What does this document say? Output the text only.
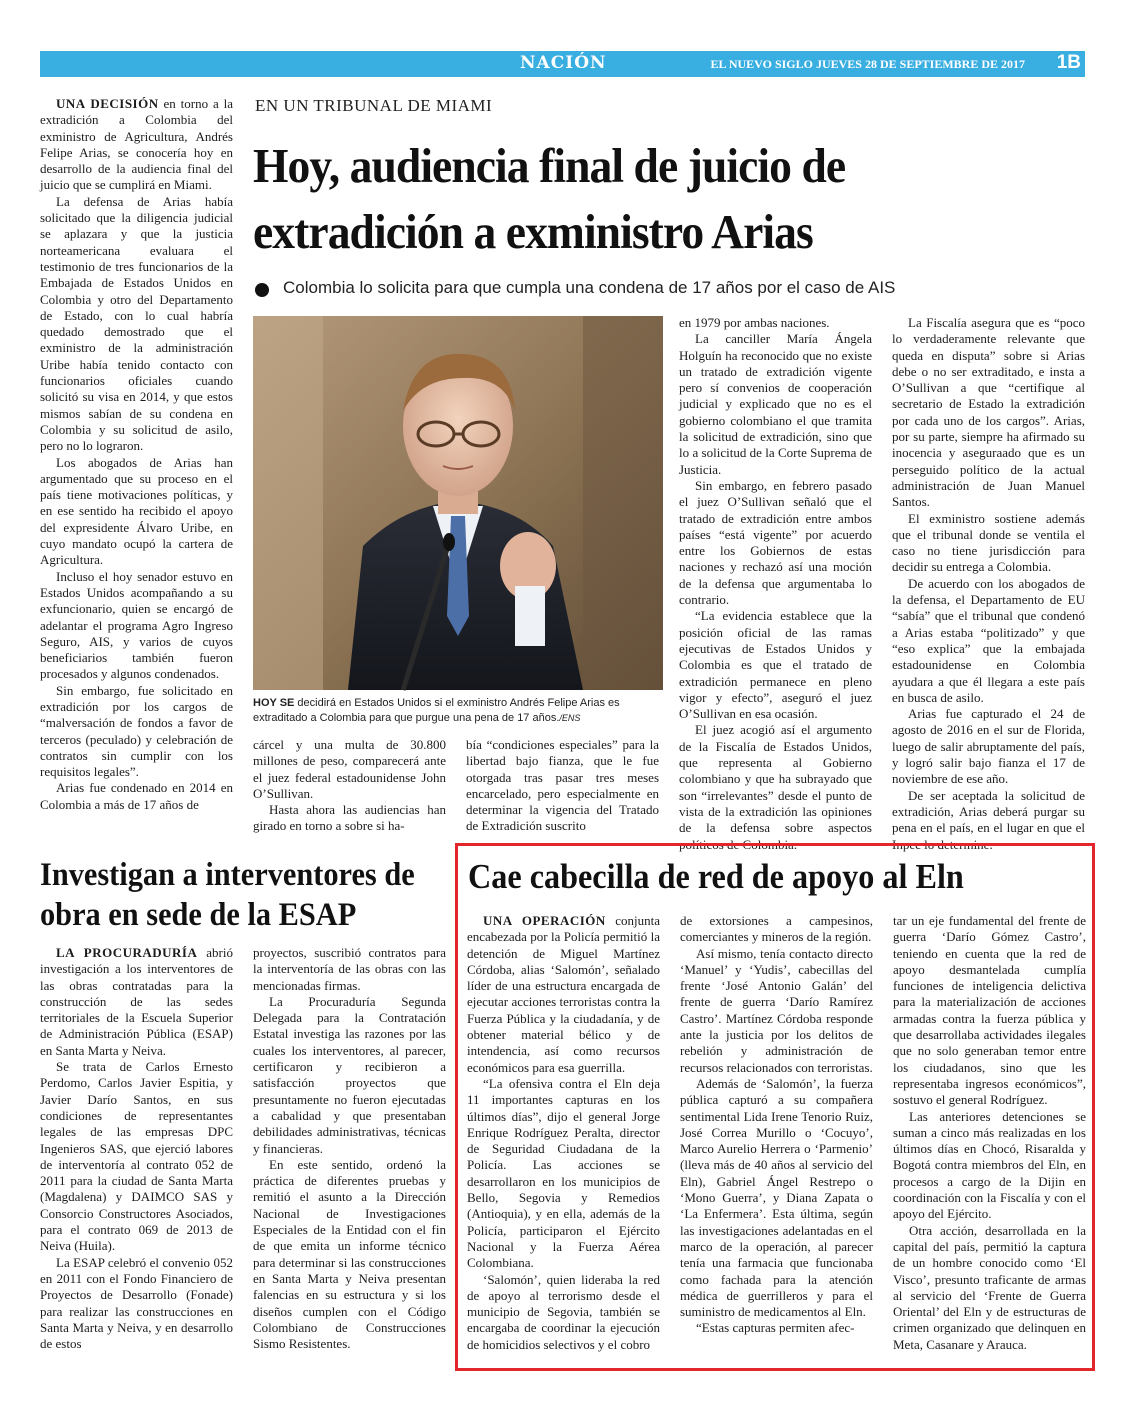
NACIÓN	EL NUEVO SIGLO JUEVES 28 DE SEPTIEMBRE DE 2017 1B
EN UN TRIBUNAL DE MIAMI
Hoy, audiencia final de juicio de extradición a exministro Arias
Colombia lo solicita para que cumpla una condena de 17 años por el caso de AIS

UNA DECISIÓN en torno a la extradición a Colombia del exministro de Agricultura, Andrés Felipe Arias, se conocería hoy en desarrollo de la audiencia final del juicio que se cumplirá en Miami.

La defensa de Arias había solicitado que la diligencia judicial se aplazara y que la justicia norteamericana evaluara el testimonio de tres funcionarios de la Embajada de Estados Unidos en Colombia y otro del Departamento de Estado, con lo cual habría quedado demostrado que el exministro de la administración Uribe había tenido contacto con funcionarios oficiales cuando solicitó su visa en 2014, y que estos mismos sabían de su condena en Colombia y su solicitud de asilo, pero no lo lograron.

Los abogados de Arias han argumentado que su proceso en el país tiene motivaciones políticas, y en ese sentido ha recibido el apoyo del expresidente Álvaro Uribe, en cuyo mandato ocupó la cartera de Agricultura.

Incluso el hoy senador estuvo en Estados Unidos acompañando a su exfuncionario, quien se encargó de adelantar el programa Agro Ingreso Seguro, AIS, y varios de cuyos beneficiarios también fueron procesados y algunos condenados.

Sin embargo, fue solicitado en extradición por los cargos de “malversación de fondos a favor de terceros (peculado) y celebración de contratos sin cumplir con los requisitos legales”.

Arias fue condenado en 2014 en Colombia a más de 17 años de

HOY SE decidirá en Estados Unidos si el exministro Andrés Felipe Arias es extraditado a Colombia para que purgue una pena de 17 años./ENS

cárcel y una multa de 30.800 millones de peso, comparecerá ante el juez federal estadounidense John O’Sullivan.

Hasta ahora las audiencias han girado en torno a sobre si ha-

bía “condiciones especiales” para la libertad bajo fianza, que le fue otorgada tras pasar tres meses encarcelado, pero especialmente en determinar la vigencia del Tratado de Extradición suscrito

en 1979 por ambas naciones.

La canciller María Ángela Holguín ha reconocido que no existe un tratado de extradición vigente pero sí convenios de cooperación judicial y explicado que no es el gobierno colombiano el que tramita la solicitud de extradición, sino que lo a solicitud de la Corte Suprema de Justicia.

Sin embargo, en febrero pasado el juez O’Sullivan señaló que el tratado de extradición entre ambos países “está vigente” por acuerdo entre los Gobiernos de estas naciones y rechazó así una moción de la defensa que argumentaba lo contrario.

“La evidencia establece que la posición oficial de las ramas ejecutivas de Estados Unidos y Colombia es que el tratado de extradición permanece en pleno vigor y efecto”, aseguró el juez O’Sullivan en esa ocasión.

El juez acogió así el argumento de la Fiscalía de Estados Unidos, que representa al Gobierno colombiano y que ha subrayado que son “irrelevantes” desde el punto de vista de la extradición las opiniones de la defensa sobre aspectos políticos de Colombia.

La Fiscalía asegura que es “poco lo verdaderamente relevante que queda en disputa” sobre si Arias debe o no ser extraditado, e insta a O’Sullivan a que “certifique al secretario de Estado la extradición por cada uno de los cargos”. Arias, por su parte, siempre ha afirmado su inocencia y aseguraado que es un perseguido político de la actual administración de Juan Manuel Santos.

El exministro sostiene además que el tribunal donde se ventila el caso no tiene jurisdicción para decidir su entrega a Colombia.

De acuerdo con los abogados de la defensa, el Departamento de EU “sabía” que el tribunal que condenó a Arias estaba “politizado” y que “eso explica” que la embajada estadounidense en Colombia ayudara a que él llegara a este país en busca de asilo.

Arias fue capturado el 24 de agosto de 2016 en el sur de Florida, luego de salir abruptamente del país, y logró salir bajo fianza el 17 de noviembre de ese año.

De ser aceptada la solicitud de extradición, Arias deberá purgar su pena en el país, en el lugar en que el Inpec lo determine.

Investigan a interventores de obra en sede de la ESAP

LA PROCURADURÍA abrió investigación a los interventores de las obras contratadas para la construcción de las sedes territoriales de la Escuela Superior de Administración Pública (ESAP) en Santa Marta y Neiva.

Se trata de Carlos Ernesto Perdomo, Carlos Javier Espitia, y Javier Darío Santos, en sus condiciones de representantes legales de las empresas DPC Ingenieros SAS, que ejerció labores de interventoría al contrato 052 de 2011 para la ciudad de Santa Marta (Magdalena) y DAIMCO SAS y Consorcio Constructores Asociados, para el contrato 069 de 2013 de Neiva (Huila).

La ESAP celebró el convenio 052 en 2011 con el Fondo Financiero de Proyectos de Desarrollo (Fonade) para realizar las construcciones en Santa Marta y Neiva, y en desarrollo de estos

proyectos, suscribió contratos para la interventoría de las obras con las mencionadas firmas.

La Procuraduría Segunda Delegada para la Contratación Estatal investiga las razones por las cuales los interventores, al parecer, certificaron y recibieron a satisfacción proyectos que presuntamente no fueron ejecutadas a cabalidad y que presentaban debilidades administrativas, técnicas y financieras.

En este sentido, ordenó la práctica de diferentes pruebas y remitió el asunto a la Dirección Nacional de Investigaciones Especiales de la Entidad con el fin de que emita un informe técnico para determinar si las construcciones en Santa Marta y Neiva presentan falencias en su estructura y si los diseños cumplen con el Código Colombiano de Construcciones Sismo Resistentes.

Cae cabecilla de red de apoyo al Eln

UNA OPERACIÓN conjunta encabezada por la Policía permitió la detención de Miguel Martínez Córdoba, alias ‘Salomón’, señalado líder de una estructura encargada de ejecutar acciones terroristas contra la Fuerza Pública y la ciudadanía, y de obtener material bélico y de intendencia, así como recursos económicos para esa guerrilla.

“La ofensiva contra el Eln deja 11 importantes capturas en los últimos días”, dijo el general Jorge Enrique Rodríguez Peralta, director de Seguridad Ciudadana de la Policía. Las acciones se desarrollaron en los municipios de Bello, Segovia y Remedios (Antioquia), y en ella, además de la Policía, participaron el Ejército Nacional y la Fuerza Aérea Colombiana.

‘Salomón’, quien lideraba la red de apoyo al terrorismo desde el municipio de Segovia, también se encargaba de coordinar la ejecución de homicidios selectivos y el cobro

de extorsiones a campesinos, comerciantes y mineros de la región.

Así mismo, tenía contacto directo ‘Manuel’ y ‘Yudis’, cabecillas del frente ‘José Antonio Galán’ del frente de guerra ‘Darío Ramírez Castro’. Martínez Córdoba responde ante la justicia por los delitos de rebelión y administración de recursos relacionados con terroristas.

Además de ‘Salomón’, la fuerza pública capturó a su compañera sentimental Lida Irene Tenorio Ruiz, José Correa Murillo o ‘Cocuyo’, Marco Aurelio Herrera o ‘Parmenio’ (lleva más de 40 años al servicio del Eln), Gabriel Ángel Restrepo o ‘Mono Guerra’, y Diana Zapata o ‘La Enfermera’. Esta última, según las investigaciones adelantadas en el marco de la operación, al parecer tenía una farmacia que funcionaba como fachada para la atención médica de guerrilleros y para el suministro de medicamentos al Eln.

“Estas capturas permiten afec-

tar un eje fundamental del frente de guerra ‘Darío Gómez Castro’, teniendo en cuenta que la red de apoyo desmantelada cumplía funciones de inteligencia delictiva para la materialización de acciones armadas contra la fuerza pública y que desarrollaba actividades ilegales que no solo generaban temor entre los ciudadanos, sino que les representaba ingresos económicos”, sostuvo el general Rodríguez.

Las anteriores detenciones se suman a cinco más realizadas en los últimos días en Chocó, Risaralda y Bogotá contra miembros del Eln, en procesos a cargo de la Dijin en coordinación con la Fiscalía y con el apoyo del Ejército.

Otra acción, desarrollada en la capital del país, permitió la captura de un hombre conocido como ‘El Visco’, presunto traficante de armas al servicio del ‘Frente de Guerra Oriental’ del Eln y de estructuras de crimen organizado que delinquen en Meta, Casanare y Arauca.
